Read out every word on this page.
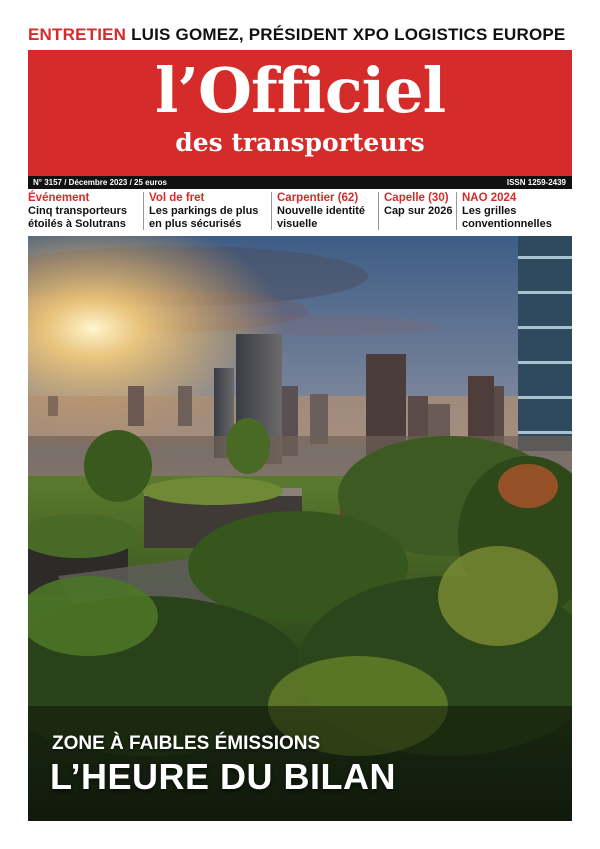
ENTRETIEN LUIS GOMEZ, PRÉSIDENT XPO LOGISTICS EUROPE
l’Officiel
des transporteurs
N° 3157 / Décembre 2023 / 25 euros	ISSN 1259-2439
Événement
Cinq transporteurs étoilés à Solutrans
Vol de fret
Les parkings de plus en plus sécurisés
Carpentier (62)
Nouvelle identité visuelle
Capelle (30)
Cap sur 2026
NAO 2024
Les grilles conventionnelles
ZONE À FAIBLES ÉMISSIONS
L’HEURE DU BILAN
